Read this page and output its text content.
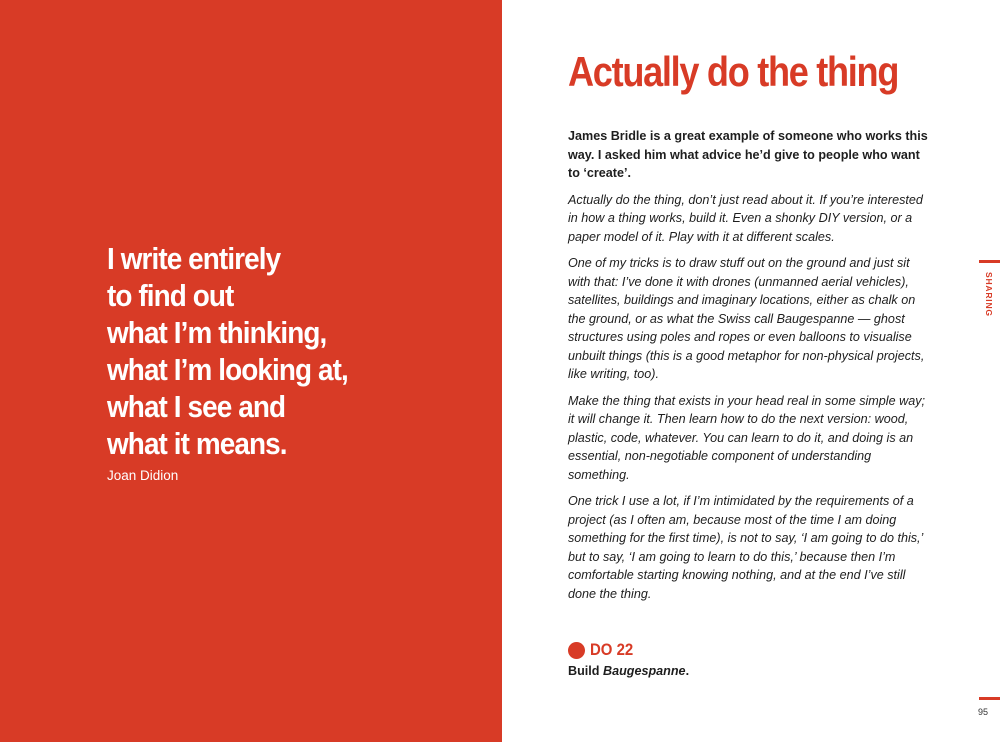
I write entirely
to find out
what I’m thinking,
what I’m looking at,
what I see and
what it means.

Joan Didion
Actually do the thing

James Bridle is a great example of someone who works this way. I asked him what advice he’d give to people who want to ‘create’.

Actually do the thing, don’t just read about it. If you’re interested in how a thing works, build it. Even a shonky DIY version, or a paper model of it. Play with it at different scales.

One of my tricks is to draw stuff out on the ground and just sit with that: I’ve done it with drones (unmanned aerial vehicles), satellites, buildings and imaginary locations, either as chalk on the ground, or as what the Swiss call Baugespanne — ghost structures using poles and ropes or even balloons to visualise unbuilt things (this is a good metaphor for non-physical projects, like writing, too).

Make the thing that exists in your head real in some simple way; it will change it. Then learn how to do the next version: wood, plastic, code, whatever. You can learn to do it, and doing is an essential, non-negotiable component of understanding something.

One trick I use a lot, if I’m intimidated by the requirements of a project (as I often am, because most of the time I am doing something for the first time), is not to say, ‘I am going to do this,’ but to say, ‘I am going to learn to do this,’ because then I’m comfortable starting knowing nothing, and at the end I’ve still done the thing.

DO 22
Build Baugespanne.
SHARING
95
